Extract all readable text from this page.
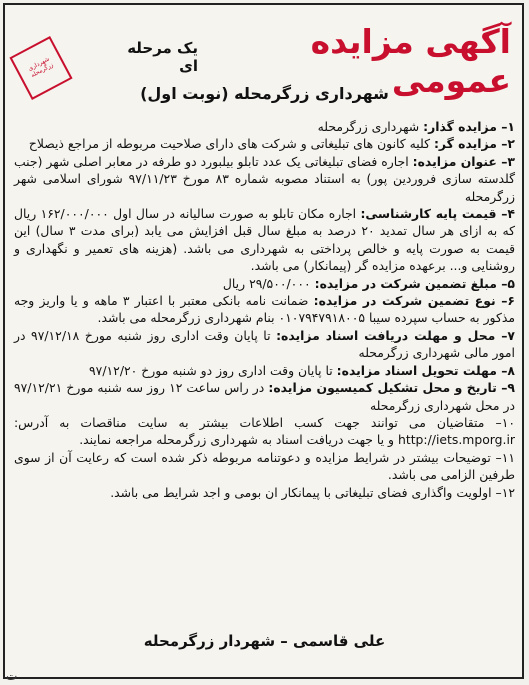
شهرداری زرگرمحله
آگهی مزایده عمومی
یک مرحله ای
شهرداری زرگرمحله (نوبت اول)

۱– مزایده گذار: شهرداری زرگرمحله

۲– مزایده گر: کلیه کانون های تبلیغاتی و شرکت های دارای صلاحیت مربوطه از مراجع ذیصلاح

۳– عنوان مزایده: اجاره فضای تبلیغاتی یک عدد تابلو بیلبورد دو طرفه در معابر اصلی شهر (جنب گلدسته سازی فروردین پور) به استناد مصوبه شماره ۸۳ مورخ ۹۷/۱۱/۲۳ شورای اسلامی شهر زرگرمحله

۴– قیمت پایه کارشناسی: اجاره مکان تابلو به صورت سالیانه در سال اول ۱۶۲/۰۰۰/۰۰۰ ریال که به ازای هر سال تمدید ۲۰ درصد به مبلغ سال قبل افزایش می یابد (برای مدت ۳ سال) این قیمت به صورت پایه و خالص پرداختی به شهرداری می باشد. (هزینه های تعمیر و نگهداری و روشنایی و... برعهده مزایده گر (پیمانکار) می باشد.

۵– مبلغ تضمین شرکت در مزایده: ۲۹/۵۰۰/۰۰۰ ریال

۶– نوع تضمین شرکت در مزایده: ضمانت نامه بانکی معتبر با اعتبار ۳ ماهه و یا واریز وجه مذکور به حساب سپرده سیبا ۰۱۰۷۹۴۷۹۱۸۰۰۵ بنام شهرداری زرگرمحله می باشد.

۷– محل و مهلت دریافت اسناد مزایده: تا پایان وقت اداری روز شنبه مورخ ۹۷/۱۲/۱۸ در امور مالی شهرداری زرگرمحله

۸– مهلت تحویل اسناد مزایده: تا پایان وقت اداری روز دو شنبه مورخ ۹۷/۱۲/۲۰

۹– تاریخ و محل تشکیل کمیسیون مزایده: در راس ساعت ۱۲ روز سه شنبه مورخ ۹۷/۱۲/۲۱ در محل شهرداری زرگرمحله

۱۰– متقاضیان می توانند جهت کسب اطلاعات بیشتر به سایت مناقصات به آدرس: http://iets.mporg.ir و یا جهت دریافت اسناد به شهرداری زرگرمحله مراجعه نمایند.

۱۱– توضیحات بیشتر در شرایط مزایده و دعوتنامه مربوطه ذکر شده است که رعایت آن از سوی طرفین الزامی می باشد.

۱۲– اولویت واگذاری فضای تبلیغاتی با پیمانکار ان بومی و اجد شرایط می باشد.

علی قاسمی – شهردار زرگرمحله
ت
